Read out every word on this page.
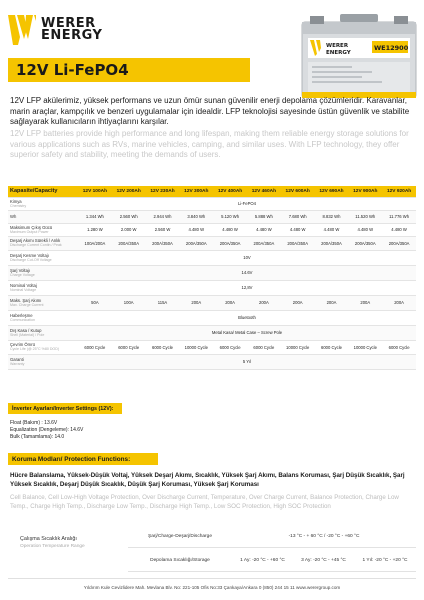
WERER
ENERGY
12V Li-FePO4
WERER
ENERGY
WE12900
12V LFP akülerimiz, yüksek performans ve uzun ömür sunan güvenilir enerji depolama çözümleridir. Karavanlar, marin araçlar, kampçılık ve benzeri uygulamalar için idealdir. LFP teknolojisi sayesinde üstün güvenlik ve stabilite sağlayarak kullanıcıların ihtiyaçlarını karşılar.
12V LFP batteries provide high performance and long lifespan, making them reliable energy storage solutions for various applications such as RVs, marine vehicles, camping, and similar uses. With LFP technology, they offer superior safety and stability, meeting the demands of users.
Kapasite/Capacity	12V 100Ah	12V 200Ah	12V 230Ah	12V 300Ah	12V 400Ah	12V 460Ah	12V 600Ah	12V 690Ah	12V 900Ah	12V 920Ah

Kimya
Chemistry	Li-FePO4									

Wh	1.344 Wh	2.560 Wh	2.944 Wh	3.840 Wh	5.120 Wh	5.888 Wh	7.680 Wh	8.832 Wh	11.520 Wh	11.776 Wh

Maksimum Çıkış Gücü
Maximum Output Power	1.280 W	2.000 W	2.560 W	4.480 W	4.480 W	4.480 W	4.480 W	4.480 W	4.480 W	4.480 W

Deşarj Akımı Sürekli / Anlık
Discharge Current Contin / Peak	100A/200A	200A/350A	200A/350A	200A/350A	200A/350A	200A/350A	200A/350A	200A/350A	200A/350A	200A/350A

Deşarj Kesme Voltajı
Discharge Cut-Off Voltage	10V									

Şarj Voltajı
Charge Voltage	14.6V									

Nominal Voltaj
Nominal Voltage	12,8V									

Maks. Şarj Akımı
Max. Charge Current	50A	100A	115A	200A	200A	200A	200A	200A	200A	200A

Haberleşme
Communication	Bluetooth									

Dış Kasa / Kutup
Shell (Material) / Pole	Metal Kasa/ Metal Case – Screw Pole									

Çevrim Ömrü
Cycle Life (@ 25°C %80 DOD)	6000 Cycle	6000 Cycle	6000 Cycle	10000 Cycle	6000 Cycle	6000 Cycle	10000 Cycle	6000 Cycle	10000 Cycle	6000 Cycle

Garanti
Warranty	5 Yıl									
İnverter Ayarları/Inverter Settings (12V):
Float (Bakım) : 13.6V
Equalization (Dengeleme): 14.6V
Bulk (Tamamlama): 14.0
Koruma Modları/ Protection Functions:
Hücre Balanslama, Yüksek-Düşük Voltaj, Yüksek Deşarj Akımı, Sıcaklık, Yüksek Şarj Akımı, Balans Koruması, Şarj Düşük Sıcaklık, Şarj Yüksek Sıcaklık, Deşarj Düşük Sıcaklık, Düşük Şarj Koruması, Yüksek Şarj Koruması
Cell Balance, Cell Low-High Voltage Protection, Over Discharge Current, Temperature, Over Charge Current, Balance Protection, Charge Low Temp., Charge High Temp., Discharge Low Temp., Discharge High Temp., Low SOC Protection, High SOC Protection
Çalışma Sıcaklık Aralığı
Operation Temperature Range
Şarj/Charge-Deşarj/Discharge	-13 °C - + 60 °C / -20 °C - +60 °C
Depolama Sıcaklığı/Storage	1 Ay: -20 °C - +60 °C	3 Ay: -20 °C - +45 °C	1 Yıl: -20 °C - +20 °C
Yıldırım Kule Cevizlidere Mah. Mevlana Blv. No: 221-105 Ofis No:33 Çankaya/Ankara 0 (850) 244 15 11 www.werergroup.com
